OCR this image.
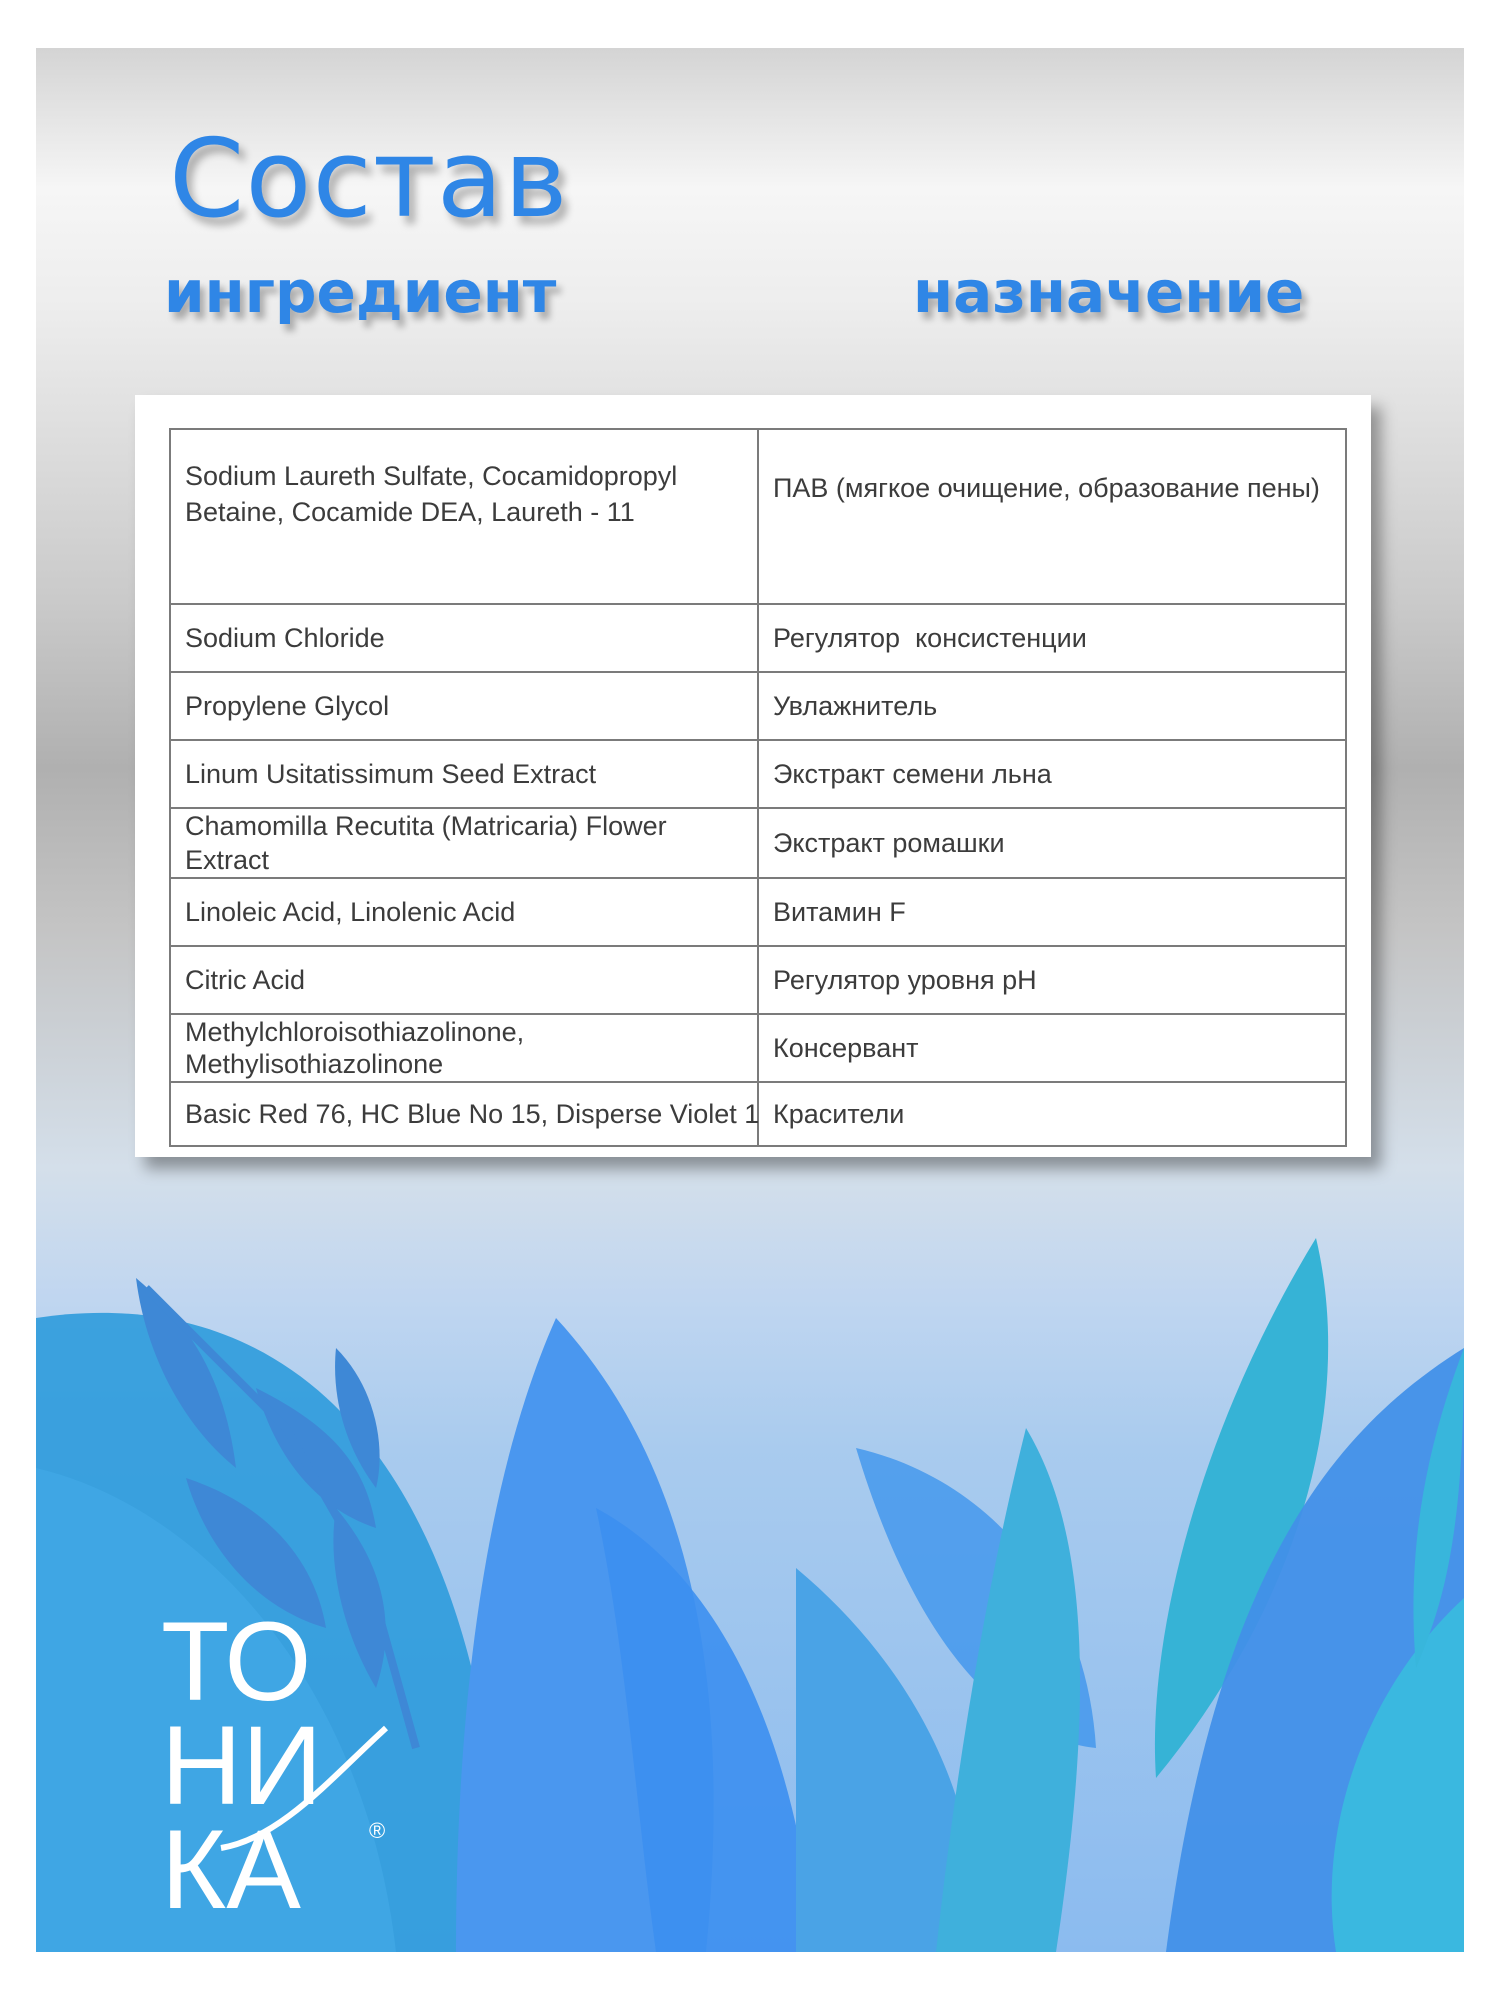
Состав
ингредиент	назначение
Sodium Laureth Sulfate, Cocamidopropyl Betaine, Cocamide DEA, Laureth - 11	ПАВ (мягкое очищение, образование пены)
Sodium Chloride	Регулятор  консистенции
Propylene Glycol	Увлажнитель
Linum Usitatissimum Seed Extract	Экстракт семени льна
Chamomilla Recutita (Matricaria) Flower Extract	Экстракт ромашки
Linoleic Acid, Linolenic Acid	Витамин F
Citric Acid	Регулятор уровня pH
Methylchloroisothiazolinone, Methylisothiazolinone	Консервант
Basic Red 76, HC Blue No 15, Disperse Violet 1	Красители
ТО
НИ
КА	®
